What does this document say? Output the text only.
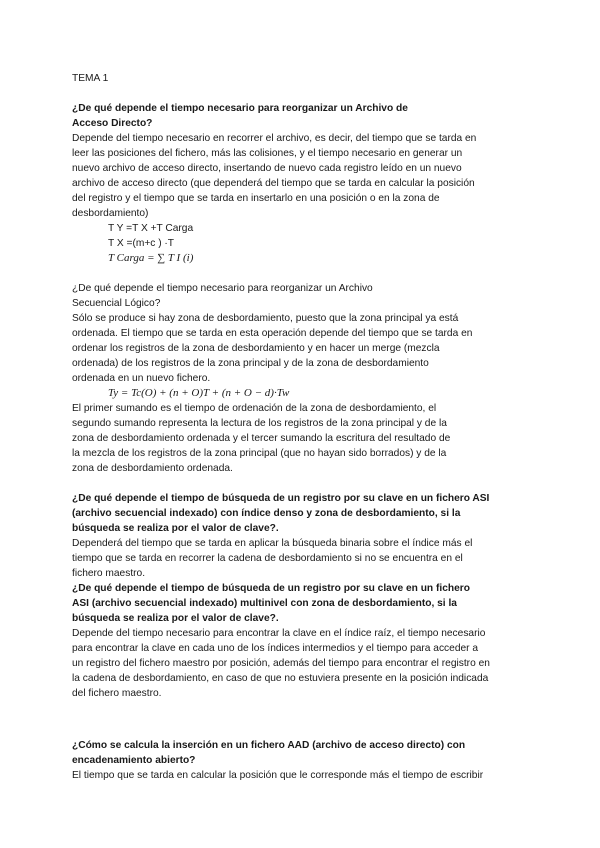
TEMA 1
¿De qué depende el tiempo necesario para reorganizar un Archivo de
Acceso Directo?
Depende del tiempo necesario en recorrer el archivo, es decir, del tiempo que se tarda en
leer las posiciones del fichero, más las colisiones, y el tiempo necesario en generar un
nuevo archivo de acceso directo, insertando de nuevo cada registro leído en un nuevo
archivo de acceso directo (que dependerá del tiempo que se tarda en calcular la posición
del registro y el tiempo que se tarda en insertarlo en una posición o en la zona de
desbordamiento)
T Y =T X +T Carga
T X =(m+c ) ·T
T Carga = ∑ T I (i)
¿De qué depende el tiempo necesario para reorganizar un Archivo
Secuencial Lógico?
Sólo se produce si hay zona de desbordamiento, puesto que la zona principal ya está
ordenada. El tiempo que se tarda en esta operación depende del tiempo que se tarda en
ordenar los registros de la zona de desbordamiento y en hacer un merge (mezcla
ordenada) de los registros de la zona principal y de la zona de desbordamiento
ordenada en un nuevo fichero.
Ty = Tc(O) + (n + O)T + (n + O − d)·Tw
El primer sumando es el tiempo de ordenación de la zona de desbordamiento, el
segundo sumando representa la lectura de los registros de la zona principal y de la
zona de desbordamiento ordenada y el tercer sumando la escritura del resultado de
la mezcla de los registros de la zona principal (que no hayan sido borrados) y de la
zona de desbordamiento ordenada.
¿De qué depende el tiempo de búsqueda de un registro por su clave en un fichero ASI
(archivo secuencial indexado) con índice denso y zona de desbordamiento, si la
búsqueda se realiza por el valor de clave?.
Dependerá del tiempo que se tarda en aplicar la búsqueda binaria sobre el índice más el
tiempo que se tarda en recorrer la cadena de desbordamiento si no se encuentra en el
fichero maestro.
¿De qué depende el tiempo de búsqueda de un registro por su clave en un fichero
ASI (archivo secuencial indexado) multinivel con zona de desbordamiento, si la
búsqueda se realiza por el valor de clave?.
Depende del tiempo necesario para encontrar la clave en el índice raíz, el tiempo necesario
para encontrar la clave en cada uno de los índices intermedios y el tiempo para acceder a
un registro del fichero maestro por posición, además del tiempo para encontrar el registro en
la cadena de desbordamiento, en caso de que no estuviera presente en la posición indicada
del fichero maestro.
¿Cómo se calcula la inserción en un fichero AAD (archivo de acceso directo) con
encadenamiento abierto?
El tiempo que se tarda en calcular la posición que le corresponde más el tiempo de escribir
